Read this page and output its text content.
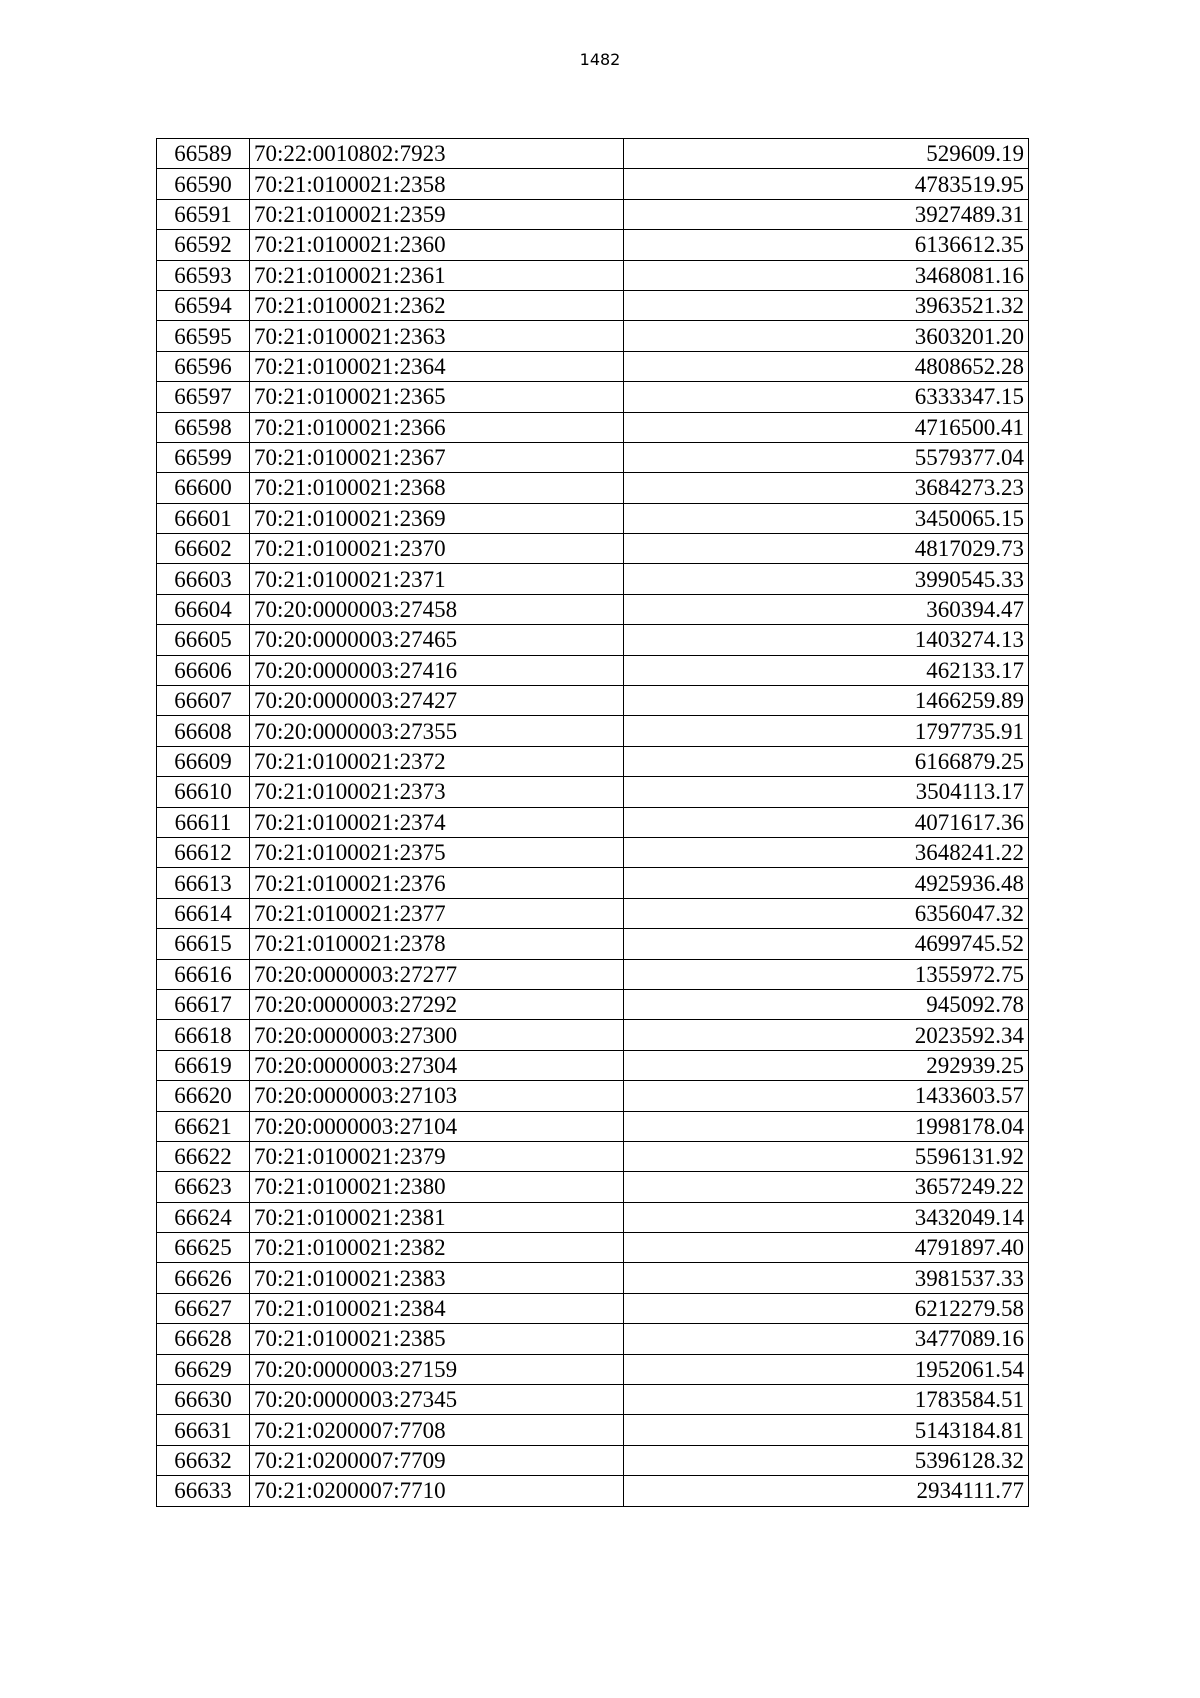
1482
66589	70:22:0010802:7923	529609.19
66590	70:21:0100021:2358	4783519.95
66591	70:21:0100021:2359	3927489.31
66592	70:21:0100021:2360	6136612.35
66593	70:21:0100021:2361	3468081.16
66594	70:21:0100021:2362	3963521.32
66595	70:21:0100021:2363	3603201.20
66596	70:21:0100021:2364	4808652.28
66597	70:21:0100021:2365	6333347.15
66598	70:21:0100021:2366	4716500.41
66599	70:21:0100021:2367	5579377.04
66600	70:21:0100021:2368	3684273.23
66601	70:21:0100021:2369	3450065.15
66602	70:21:0100021:2370	4817029.73
66603	70:21:0100021:2371	3990545.33
66604	70:20:0000003:27458	360394.47
66605	70:20:0000003:27465	1403274.13
66606	70:20:0000003:27416	462133.17
66607	70:20:0000003:27427	1466259.89
66608	70:20:0000003:27355	1797735.91
66609	70:21:0100021:2372	6166879.25
66610	70:21:0100021:2373	3504113.17
66611	70:21:0100021:2374	4071617.36
66612	70:21:0100021:2375	3648241.22
66613	70:21:0100021:2376	4925936.48
66614	70:21:0100021:2377	6356047.32
66615	70:21:0100021:2378	4699745.52
66616	70:20:0000003:27277	1355972.75
66617	70:20:0000003:27292	945092.78
66618	70:20:0000003:27300	2023592.34
66619	70:20:0000003:27304	292939.25
66620	70:20:0000003:27103	1433603.57
66621	70:20:0000003:27104	1998178.04
66622	70:21:0100021:2379	5596131.92
66623	70:21:0100021:2380	3657249.22
66624	70:21:0100021:2381	3432049.14
66625	70:21:0100021:2382	4791897.40
66626	70:21:0100021:2383	3981537.33
66627	70:21:0100021:2384	6212279.58
66628	70:21:0100021:2385	3477089.16
66629	70:20:0000003:27159	1952061.54
66630	70:20:0000003:27345	1783584.51
66631	70:21:0200007:7708	5143184.81
66632	70:21:0200007:7709	5396128.32
66633	70:21:0200007:7710	2934111.77
